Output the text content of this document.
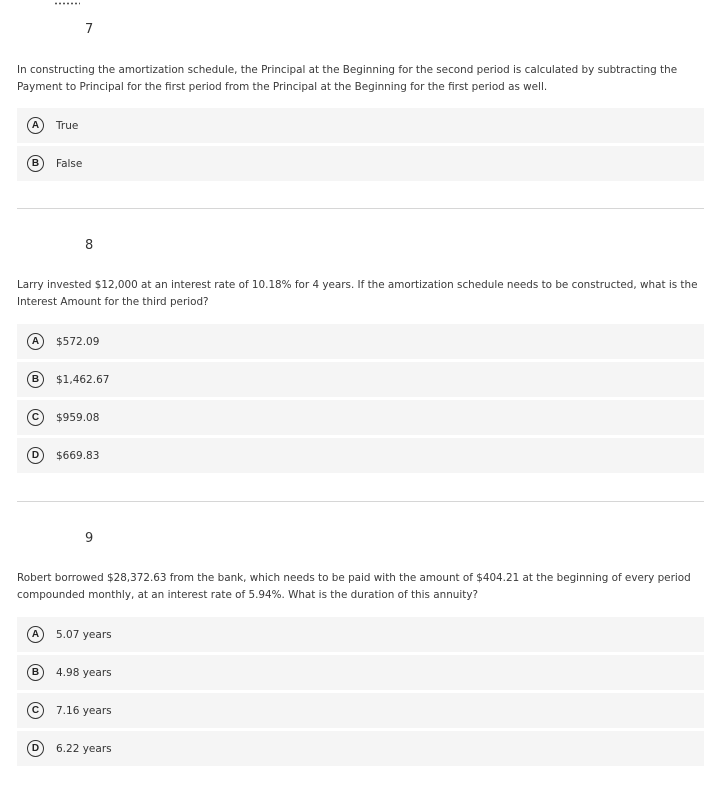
7
In constructing the amortization schedule, the Principal at the Beginning for the second period is calculated by subtracting the Payment to Principal for the first period from the Principal at the Beginning for the first period as well.
A	True
B	False
8
Larry invested $12,000 at an interest rate of 10.18% for 4 years. If the amortization schedule needs to be constructed, what is the Interest Amount for the third period?
A	$572.09
B	$1,462.67
C	$959.08
D	$669.83
9
Robert borrowed $28,372.63 from the bank, which needs to be paid with the amount of $404.21 at the beginning of every period compounded monthly, at an interest rate of 5.94%. What is the duration of this annuity?
A	5.07 years
B	4.98 years
C	7.16 years
D	6.22 years
